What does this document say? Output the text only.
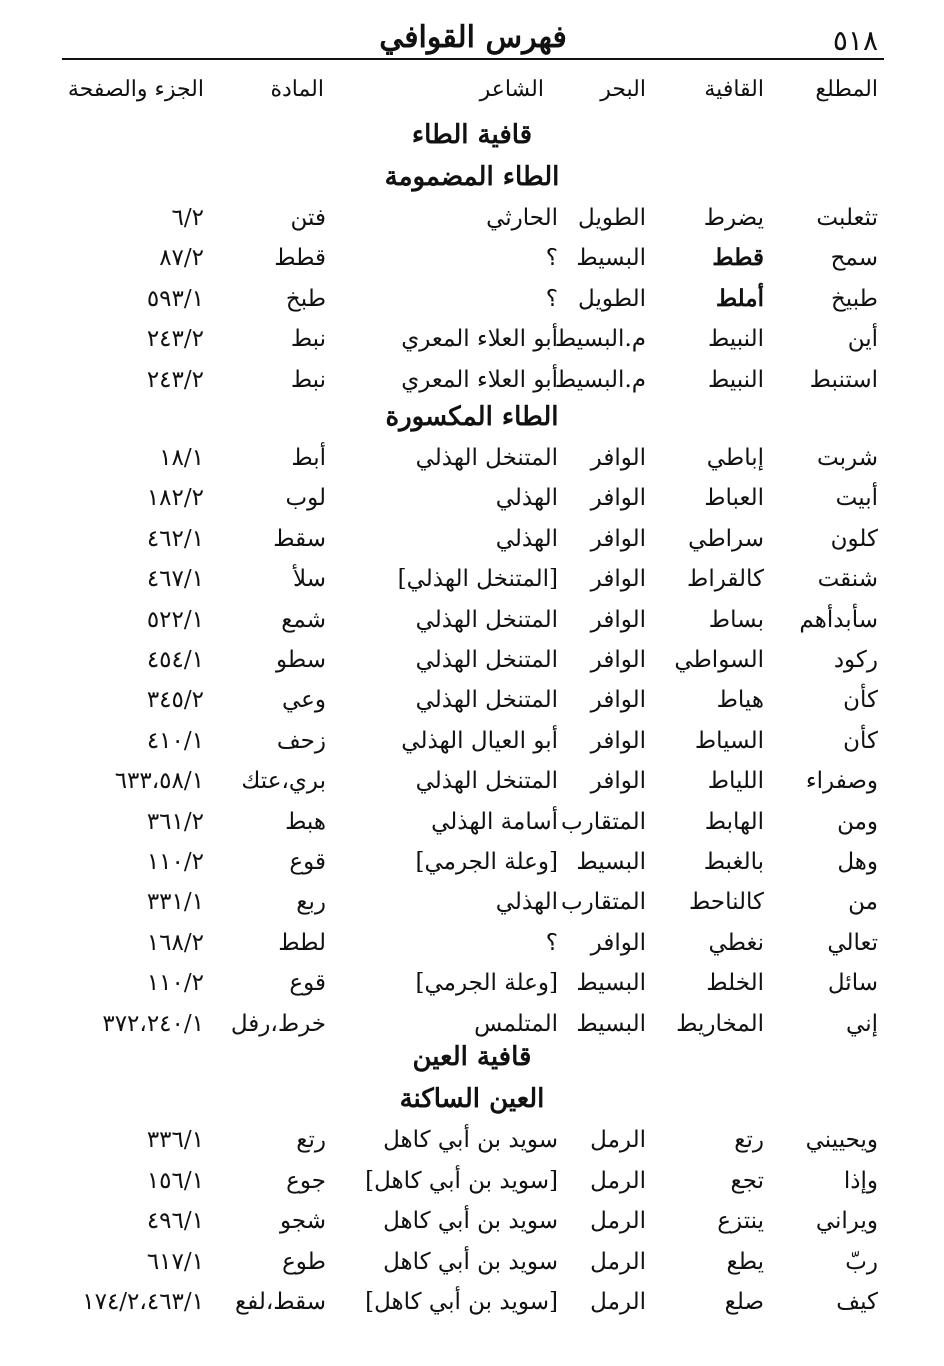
٥١٨
فهرس القوافي
المطلع
القافية
البحر
الشاعر
المادة
الجزء والصفحة
قافية الطاء
الطاء المضمومة
تثعلبت
يضرط
الطويل
الحارثي
فتن
٦/٢
سمح
قطط
البسيط
؟
قطط
٨٧/٢
طبيخ
أملط
الطويل
؟
طبخ
٥٩٣/١
أين
النبيط
م.البسيط
أبو العلاء المعري
نبط
٢٤٣/٢
استنبط
النبيط
م.البسيط
أبو العلاء المعري
نبط
٢٤٣/٢
الطاء المكسورة
شربت
إباطي
الوافر
المتنخل الهذلي
أبط
١٨/١
أبيت
العباط
الوافر
الهذلي
لوب
١٨٢/٢
كلون
سراطي
الوافر
الهذلي
سقط
٤٦٢/١
شنقت
كالقراط
الوافر
[المتنخل الهذلي]
سلأ
٤٦٧/١
سأبدأهم
بساط
الوافر
المتنخل الهذلي
شمع
٥٢٢/١
ركود
السواطي
الوافر
المتنخل الهذلي
سطو
٤٥٤/١
كأن
هياط
الوافر
المتنخل الهذلي
وعي
٣٤٥/٢
كأن
السياط
الوافر
أبو العيال الهذلي
زحف
٤١٠/١
وصفراء
اللياط
الوافر
المتنخل الهذلي
بري،عتك
٦٣٣،٥٨/١
ومن
الهابط
المتقارب
أسامة الهذلي
هبط
٣٦١/٢
وهل
بالغبط
البسيط
[وعلة الجرمي]
قوع
١١٠/٢
من
كالناحط
المتقارب
الهذلي
ربع
٣٣١/١
تعالي
نغطي
الوافر
؟
لطط
١٦٨/٢
سائل
الخلط
البسيط
[وعلة الجرمي]
قوع
١١٠/٢
إني
المخاريط
البسيط
المتلمس
خرط،رفل
٣٧٢،٢٤٠/١
قافية العين
العين الساكنة
ويحييني
رتع
الرمل
سويد بن أبي كاهل
رتع
٣٣٦/١
وإذا
تجع
الرمل
[سويد بن أبي كاهل]
جوع
١٥٦/١
ويراني
ينتزع
الرمل
سويد بن أبي كاهل
شجو
٤٩٦/١
ربّ
يطع
الرمل
سويد بن أبي كاهل
طوع
٦١٧/١
كيف
صلع
الرمل
[سويد بن أبي كاهل]
سقط،لفع
١٧٤/٢،٤٦٣/١
